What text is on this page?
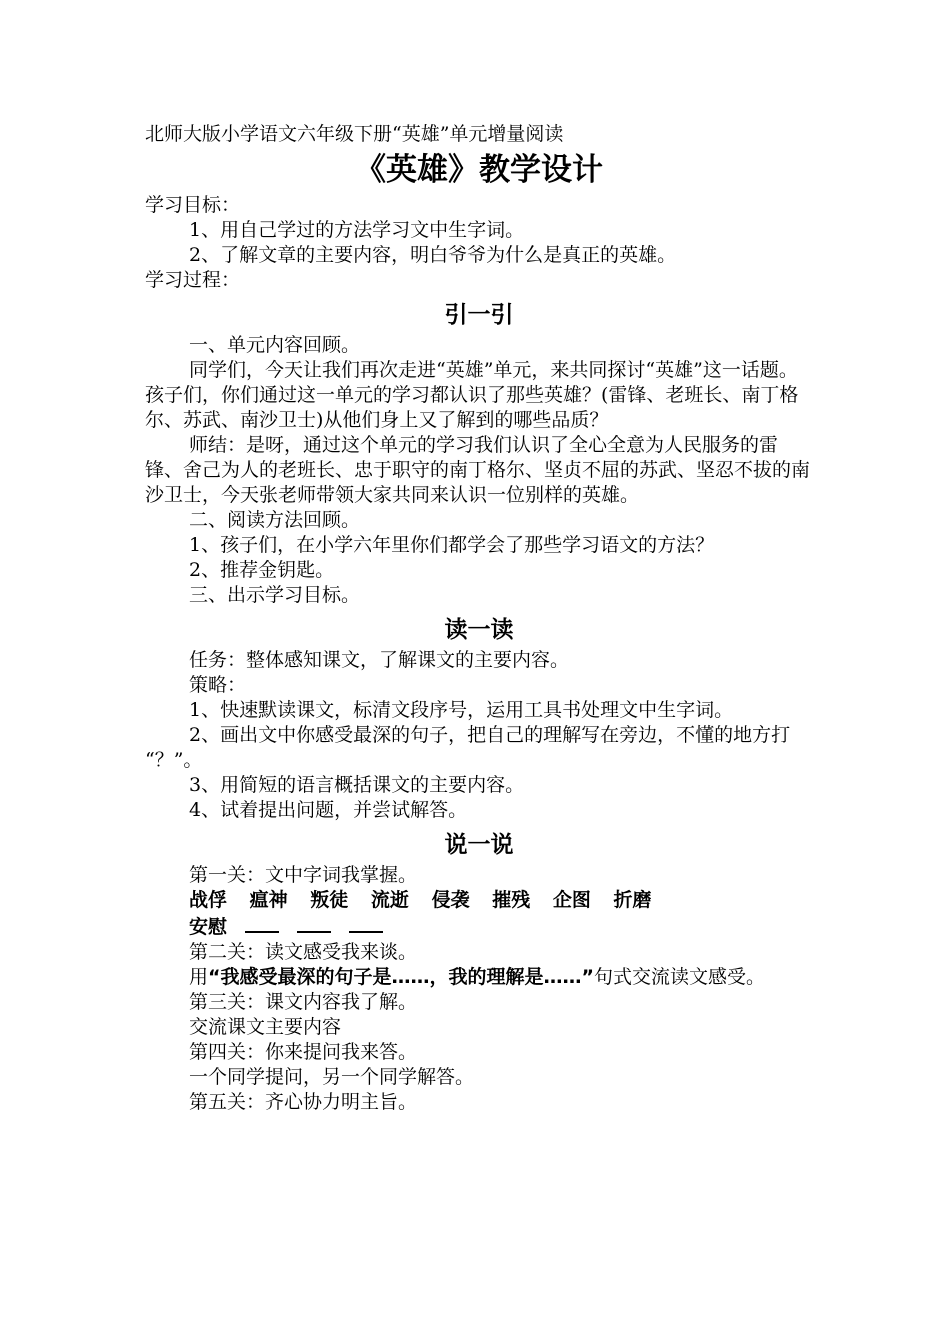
北师大版小学语文六年级下册“英雄”单元增量阅读
《英雄》教学设计
学习目标：
1、用自己学过的方法学习文中生字词。
2、了解文章的主要内容，明白爷爷为什么是真正的英雄。
学习过程：
引一引
一、单元内容回顾。
同学们，今天让我们再次走进“英雄”单元，来共同探讨“英雄”这一话题。孩子们，你们通过这一单元的学习都认识了那些英雄？(雷锋、老班长、南丁格尔、苏武、南沙卫士)从他们身上又了解到的哪些品质？
师结：是呀，通过这个单元的学习我们认识了全心全意为人民服务的雷锋、舍己为人的老班长、忠于职守的南丁格尔、坚贞不屈的苏武、坚忍不拔的南沙卫士，今天张老师带领大家共同来认识一位别样的英雄。
二、阅读方法回顾。
1、孩子们，在小学六年里你们都学会了那些学习语文的方法？
2、推荐金钥匙。
三、出示学习目标。
读一读
任务：整体感知课文，了解课文的主要内容。
策略：
1、快速默读课文，标清文段序号，运用工具书处理文中生字词。
2、画出文中你感受最深的句子，把自己的理解写在旁边，不懂的地方打 “？”。
3、用简短的语言概括课文的主要内容。
4、试着提出问题，并尝试解答。
说一说
第一关：文中字词我掌握。
战俘 瘟神 叛徒 流逝 侵袭 摧残 企图 折磨
安慰
第二关：读文感受我来谈。
用“我感受最深的句子是……，我的理解是……”句式交流读文感受。
第三关：课文内容我了解。
交流课文主要内容
第四关：你来提问我来答。
一个同学提问，另一个同学解答。
第五关：齐心协力明主旨。
